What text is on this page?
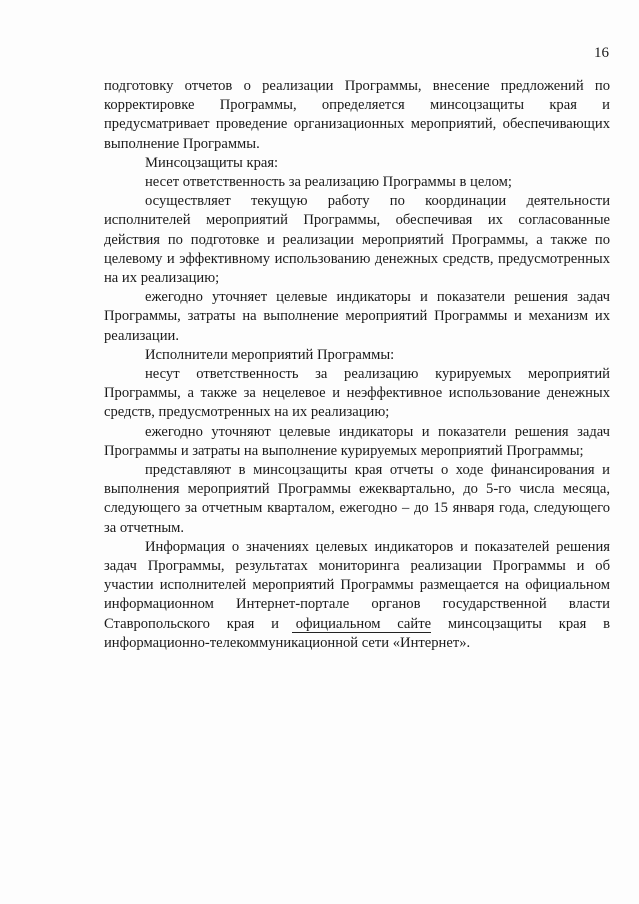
16

подготовку отчетов о реализации Программы, внесение предложений по корректировке Программы, определяется минсоцзащиты края и предусматривает проведение организационных мероприятий, обеспечивающих выполнение Программы.

Минсоцзащиты края:

несет ответственность за реализацию Программы в целом;

осуществляет текущую работу по координации деятельности исполнителей мероприятий Программы, обеспечивая их согласованные действия по подготовке и реализации мероприятий Программы, а также по целевому и эффективному использованию денежных средств, предусмотренных на их реализацию;

ежегодно уточняет целевые индикаторы и показатели решения задач Программы, затраты на выполнение мероприятий Программы и механизм их реализации.

Исполнители мероприятий Программы:

несут ответственность за реализацию курируемых мероприятий Программы, а также за нецелевое и неэффективное использование денежных средств, предусмотренных на их реализацию;

ежегодно уточняют целевые индикаторы и показатели решения задач Программы и затраты на выполнение курируемых мероприятий Программы;

представляют в минсоцзащиты края отчеты о ходе финансирования и выполнения мероприятий Программы ежеквартально, до 5-го числа месяца, следующего за отчетным кварталом, ежегодно – до 15 января года, следующего за отчетным.

Информация о значениях целевых индикаторов и показателей решения задач Программы, результатах мониторинга реализации Программы и об участии исполнителей мероприятий Программы размещается на официальном информационном Интернет-портале органов государственной власти Ставропольского края и официальном сайте минсоцзащиты края в информационно-телекоммуникационной сети «Интернет».
